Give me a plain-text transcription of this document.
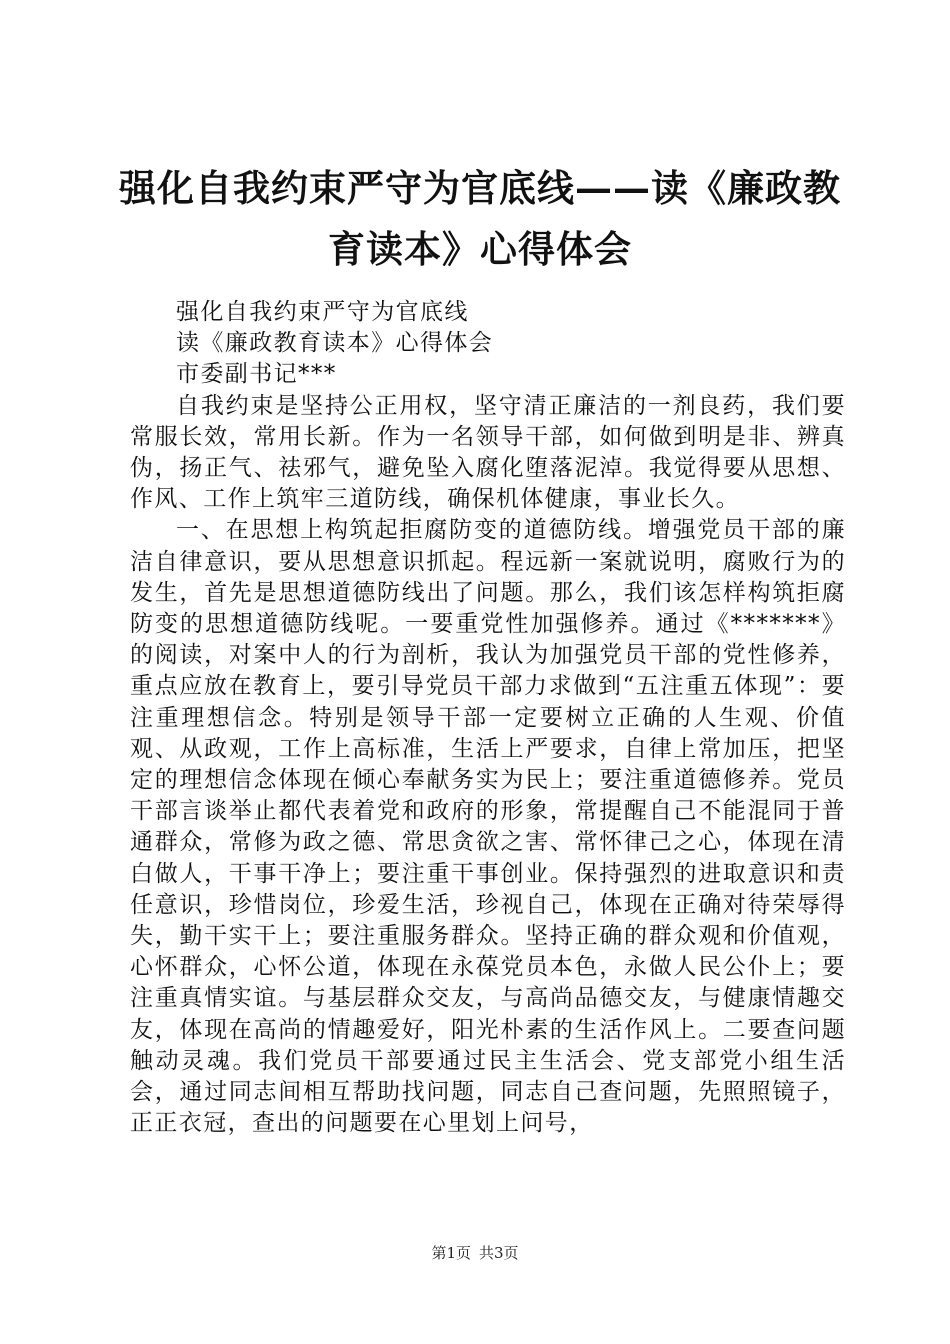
强化自我约束严守为官底线——读《廉政教育读本》心得体会

强化自我约束严守为官底线

读《廉政教育读本》心得体会

市委副书记***

自我约束是坚持公正用权，坚守清正廉洁的一剂良药，我们要常服长效，常用长新。作为一名领导干部，如何做到明是非、辨真伪，扬正气、祛邪气，避免坠入腐化堕落泥淖。我觉得要从思想、作风、工作上筑牢三道防线，确保机体健康，事业长久。

一、在思想上构筑起拒腐防变的道德防线。增强党员干部的廉洁自律意识，要从思想意识抓起。程远新一案就说明，腐败行为的发生，首先是思想道德防线出了问题。那么，我们该怎样构筑拒腐防变的思想道德防线呢。一要重党性加强修养。通过《*******》的阅读，对案中人的行为剖析，我认为加强党员干部的党性修养，重点应放在教育上，要引导党员干部力求做到“五注重五体现”：要注重理想信念。特别是领导干部一定要树立正确的人生观、价值观、从政观，工作上高标准，生活上严要求，自律上常加压，把坚定的理想信念体现在倾心奉献务实为民上；要注重道德修养。党员干部言谈举止都代表着党和政府的形象，常提醒自己不能混同于普通群众，常修为政之德、常思贪欲之害、常怀律己之心，体现在清白做人，干事干净上；要注重干事创业。保持强烈的进取意识和责任意识，珍惜岗位，珍爱生活，珍视自己，体现在正确对待荣辱得失，勤干实干上；要注重服务群众。坚持正确的群众观和价值观，心怀群众，心怀公道，体现在永葆党员本色，永做人民公仆上；要注重真情实谊。与基层群众交友，与高尚品德交友，与健康情趣交友，体现在高尚的情趣爱好，阳光朴素的生活作风上。二要查问题触动灵魂。我们党员干部要通过民主生活会、党支部党小组生活会，通过同志间相互帮助找问题，同志自己查问题，先照照镜子，正正衣冠，查出的问题要在心里划上问号，

第1页 共3页
